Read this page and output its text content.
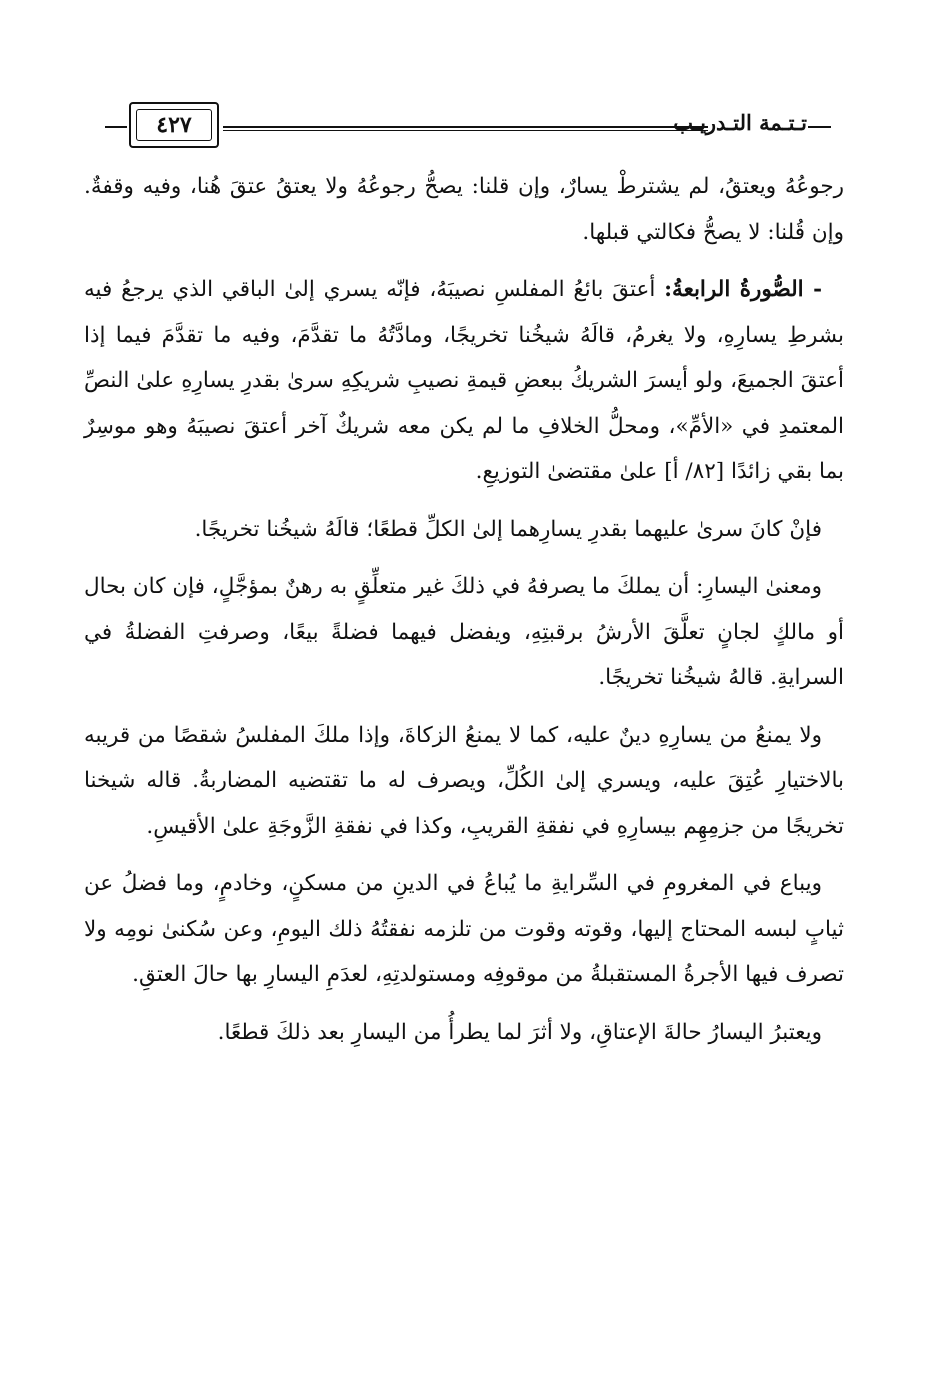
٤٢٧	تـتـمة التـدريـب

رجوعُهُ ويعتقُ، لم يشترطْ يسارٌ، وإن قلنا: يصحُّ رجوعُهُ ولا يعتقُ عتقَ هُنا، وفيه وقفةٌ. وإن قُلنا: لا يصحُّ فكالتي قبلها.

- الصُّورةُ الرابعةُ: أعتقَ بائعُ المفلسِ نصيبَهُ، فإنّه يسري إلىٰ الباقي الذي يرجعُ فيه بشرطِ يسارِهِ، ولا يغرمُ، قالَهُ شيخُنا تخريجًا، ومادَّتُهُ ما تقدَّمَ، وفيه ما تقدَّمَ فيما إذا أعتقَ الجميعَ، ولو أيسرَ الشريكُ ببعضِ قيمةِ نصيبِ شريكِهِ سرىٰ بقدرِ يسارِهِ علىٰ النصِّ المعتمدِ في «الأمِّ»، ومحلُّ الخلافِ ما لم يكن معه شريكٌ آخر أعتقَ نصيبَهُ وهو موسِرٌ بما بقي زائدًا [٨٢/ أ] علىٰ مقتضىٰ التوزيعِ.

فإنْ كانَ سرىٰ عليهما بقدرِ يسارِهما إلىٰ الكلِّ قطعًا؛ قالَهُ شيخُنا تخريجًا.

ومعنىٰ اليسارِ: أن يملكَ ما يصرفهُ في ذلكَ غير متعلِّقٍ به رهنٌ بمؤجَّلٍ، فإن كان بحال أو مالكٍ لجانٍ تعلَّقَ الأرشُ برقبتِهِ، ويفضل فيهما فضلةً بيعًا، وصرفتِ الفضلةُ في السرايةِ. قالهُ شيخُنا تخريجًا.

ولا يمنعُ من يسارِهِ دينٌ عليه، كما لا يمنعُ الزكاةَ، وإذا ملكَ المفلسُ شقصًا من قريبه بالاختيارِ عُتِقَ عليه، ويسري إلىٰ الكُلِّ، ويصرف له ما تقتضيه المضاربةُ. قاله شيخنا تخريجًا من جزمِهِم بيسارِهِ في نفقةِ القريبِ، وكذا في نفقةِ الزَّوجَةِ علىٰ الأقيسِ.

ويباع في المغرومِ في السِّرايةِ ما يُباعُ في الدينِ من مسكنٍ، وخادمٍ، وما فضلُ عن ثيابٍ لبسه المحتاج إليها، وقوته وقوت من تلزمه نفقتُهُ ذلك اليومِ، وعن سُكنىٰ نومِه ولا تصرف فيها الأجرةُ المستقبلةُ من موقوفِه ومستولدتِهِ، لعدَمِ اليسارِ بها حالَ العتقِ.

ويعتبرُ اليسارُ حالةَ الإعتاقِ، ولا أثرَ لما يطرأُ من اليسارِ بعد ذلكَ قطعًا.
